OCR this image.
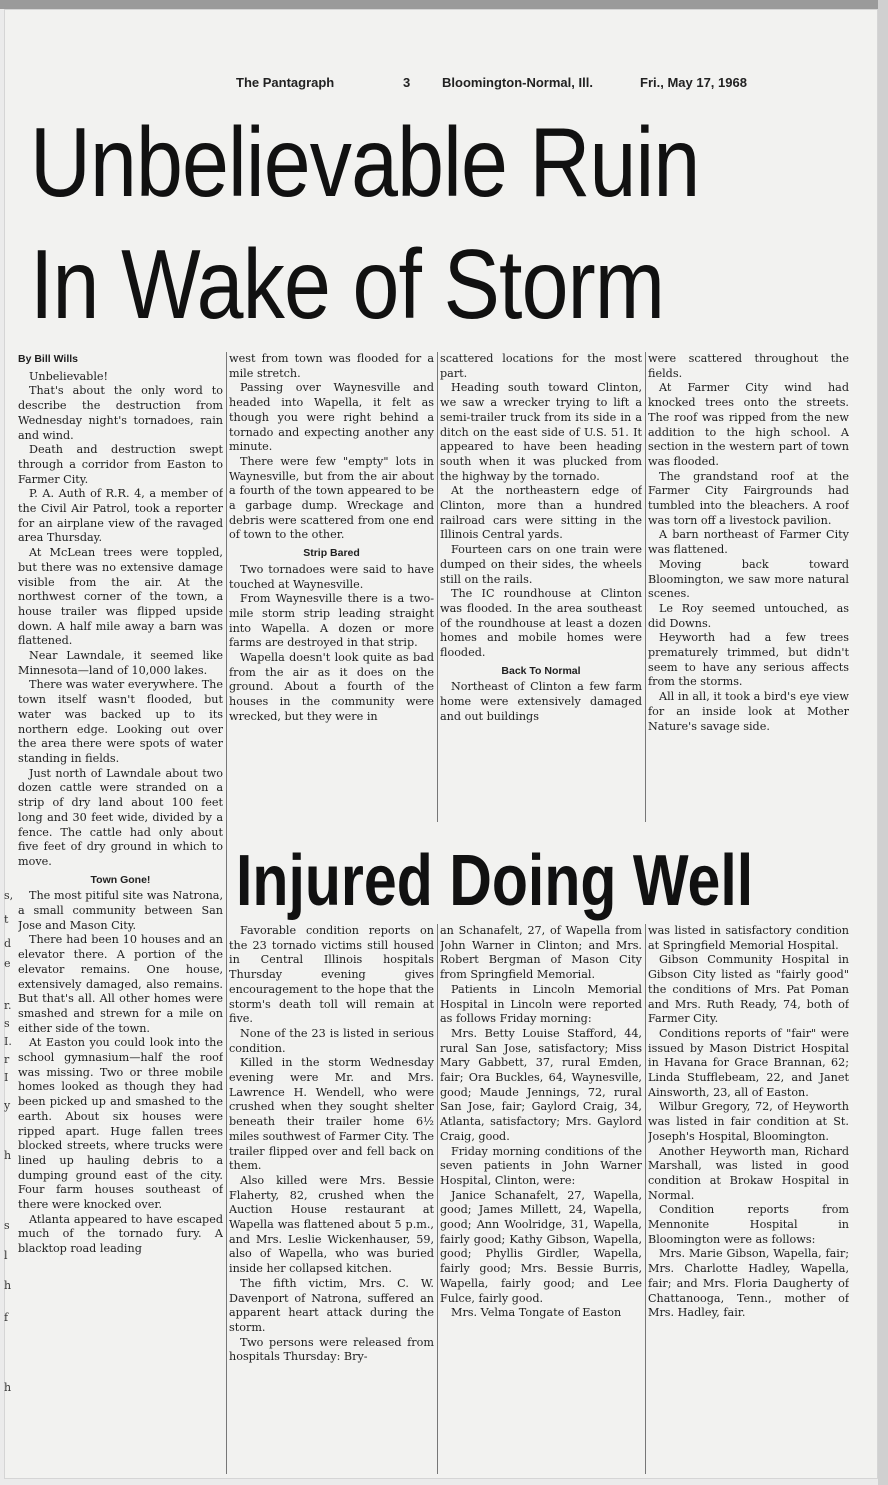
The Pantagraph	3 Bloomington-Normal, Ill.	Fri., May 17, 1968
Unbelievable Ruin
In Wake of Storm

By Bill Wills

Unbelievable!

That's about the only word to describe the destruction from Wednesday night's tornadoes, rain and wind.

Death and destruction swept through a corridor from Easton to Farmer City.

P. A. Auth of R.R. 4, a member of the Civil Air Patrol, took a reporter for an airplane view of the ravaged area Thursday.

At McLean trees were toppled, but there was no extensive damage visible from the air. At the northwest corner of the town, a house trailer was flipped upside down. A half mile away a barn was flattened.

Near Lawndale, it seemed like Minnesota—land of 10,000 lakes.

There was water everywhere. The town itself wasn't flooded, but water was backed up to its northern edge. Looking out over the area there were spots of water standing in fields.

Just north of Lawndale about two dozen cattle were stranded on a strip of dry land about 100 feet long and 30 feet wide, divided by a fence. The cattle had only about five feet of dry ground in which to move.

Town Gone!

The most pitiful site was Natrona, a small community between San Jose and Mason City.

There had been 10 houses and an elevator there. A portion of the elevator remains. One house, extensively damaged, also remains. But that's all. All other homes were smashed and strewn for a mile on either side of the town.

At Easton you could look into the school gymnasium—half the roof was missing. Two or three mobile homes looked as though they had been picked up and smashed to the earth. About six houses were ripped apart. Huge fallen trees blocked streets, where trucks were lined up hauling debris to a dumping ground east of the city. Four farm houses southeast of there were knocked over.

Atlanta appeared to have escaped much of the tornado fury. A blacktop road leading

west from town was flooded for a mile stretch.

Passing over Waynesville and headed into Wapella, it felt as though you were right behind a tornado and expecting another any minute.

There were few "empty" lots in Waynesville, but from the air about a fourth of the town appeared to be a garbage dump. Wreckage and debris were scattered from one end of town to the other.

Strip Bared

Two tornadoes were said to have touched at Waynesville.

From Waynesville there is a two-mile storm strip leading straight into Wapella. A dozen or more farms are destroyed in that strip.

Wapella doesn't look quite as bad from the air as it does on the ground. About a fourth of the houses in the community were wrecked, but they were in

scattered locations for the most part.

Heading south toward Clinton, we saw a wrecker trying to lift a semi-trailer truck from its side in a ditch on the east side of U.S. 51. It appeared to have been heading south when it was plucked from the highway by the tornado.

At the northeastern edge of Clinton, more than a hundred railroad cars were sitting in the Illinois Central yards.

Fourteen cars on one train were dumped on their sides, the wheels still on the rails.

The IC roundhouse at Clinton was flooded. In the area southeast of the roundhouse at least a dozen homes and mobile homes were flooded.

Back To Normal

Northeast of Clinton a few farm home were extensively damaged and out buildings

were scattered throughout the fields.

At Farmer City wind had knocked trees onto the streets. The roof was ripped from the new addition to the high school. A section in the western part of town was flooded.

The grandstand roof at the Farmer City Fairgrounds had tumbled into the bleachers. A roof was torn off a livestock pavilion.

A barn northeast of Farmer City was flattened.

Moving back toward Bloomington, we saw more natural scenes.

Le Roy seemed untouched, as did Downs.

Heyworth had a few trees prematurely trimmed, but didn't seem to have any serious affects from the storms.

All in all, it took a bird's eye view for an inside look at Mother Nature's savage side.

Injured Doing Well

Favorable condition reports on the 23 tornado victims still housed in Central Illinois hospitals Thursday evening gives encouragement to the hope that the storm's death toll will remain at five.

None of the 23 is listed in serious condition.

Killed in the storm Wednesday evening were Mr. and Mrs. Lawrence H. Wendell, who were crushed when they sought shelter beneath their trailer home 6½ miles southwest of Farmer City. The trailer flipped over and fell back on them.

Also killed were Mrs. Bessie Flaherty, 82, crushed when the Auction House restaurant at Wapella was flattened about 5 p.m., and Mrs. Leslie Wickenhauser, 59, also of Wapella, who was buried inside her collapsed kitchen.

The fifth victim, Mrs. C. W. Davenport of Natrona, suffered an apparent heart attack during the storm.

Two persons were released from hospitals Thursday: Bry-

an Schanafelt, 27, of Wapella from John Warner in Clinton; and Mrs. Robert Bergman of Mason City from Springfield Memorial.

Patients in Lincoln Memorial Hospital in Lincoln were reported as follows Friday morning:

Mrs. Betty Louise Stafford, 44, rural San Jose, satisfactory; Miss Mary Gabbett, 37, rural Emden, fair; Ora Buckles, 64, Waynesville, good; Maude Jennings, 72, rural San Jose, fair; Gaylord Craig, 34, Atlanta, satisfactory; Mrs. Gaylord Craig, good.

Friday morning conditions of the seven patients in John Warner Hospital, Clinton, were:

Janice Schanafelt, 27, Wapella, good; James Millett, 24, Wapella, good; Ann Woolridge, 31, Wapella, fairly good; Kathy Gibson, Wapella, good; Phyllis Girdler, Wapella, fairly good; Mrs. Bessie Burris, Wapella, fairly good; and Lee Fulce, fairly good.

Mrs. Velma Tongate of Easton

was listed in satisfactory condition at Springfield Memorial Hospital.

Gibson Community Hospital in Gibson City listed as "fairly good" the conditions of Mrs. Pat Poman and Mrs. Ruth Ready, 74, both of Farmer City.

Conditions reports of "fair" were issued by Mason District Hospital in Havana for Grace Brannan, 62; Linda Stufflebeam, 22, and Janet Ainsworth, 23, all of Easton.

Wilbur Gregory, 72, of Heyworth was listed in fair condition at St. Joseph's Hospital, Bloomington.

Another Heyworth man, Richard Marshall, was listed in good condition at Brokaw Hospital in Normal.

Condition reports from Mennonite Hospital in Bloomington were as follows:

Mrs. Marie Gibson, Wapella, fair; Mrs. Charlotte Hadley, Wapella, fair; and Mrs. Floria Daugherty of Chattanooga, Tenn., mother of Mrs. Hadley, fair.

s,
t
d
e
r.
s
I.
r
I
y
h
s
l
h
f
h
